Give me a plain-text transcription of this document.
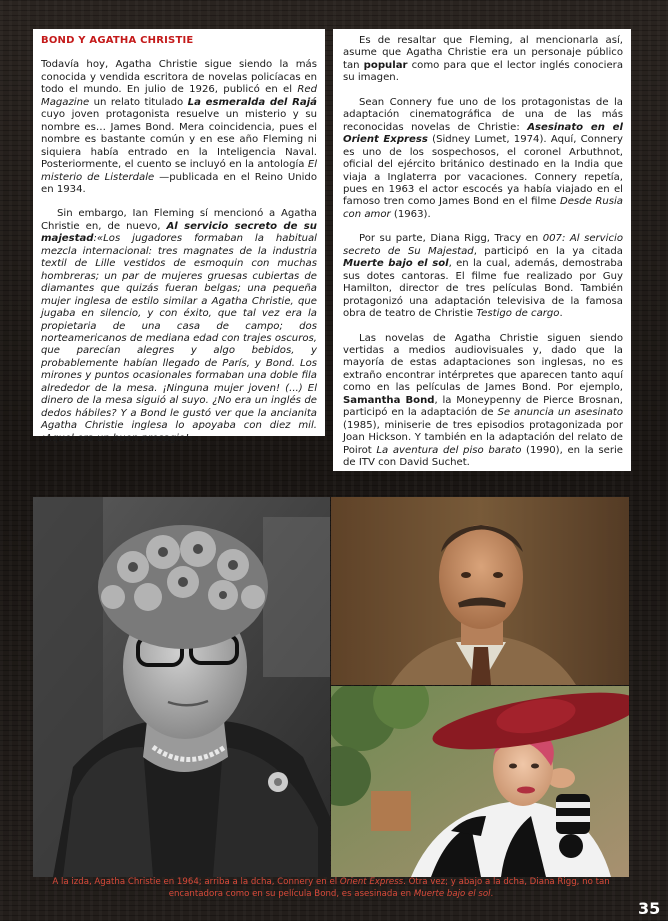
BOND Y AGATHA CHRISTIE

Todavía hoy, Agatha Christie sigue siendo la más conocida y vendida escritora de novelas policíacas en todo el mundo. En julio de 1926, publicó en el Red Magazine un relato titulado La esmeralda del Rajá cuyo joven protagonista resuelve un misterio y su nombre es… James Bond. Mera coincidencia, pues el nombre es bastante común y en ese año Fleming ni siquiera había entrado en la Inteligencia Naval. Posteriormente, el cuento se incluyó en la antología El misterio de Listerdale —publicada en el Reino Unido en 1934.

Sin embargo, Ian Fleming sí mencionó a Agatha Christie en, de nuevo, Al servicio secreto de su majestad:«Los jugadores formaban la habitual mezcla internacional: tres magnates de la industria textil de Lille vestidos de esmoquin con muchas hombreras; un par de mujeres gruesas cubiertas de diamantes que quizás fueran belgas; una pequeña mujer inglesa de estilo similar a Agatha Christie, que jugaba en silencio, y con éxito, que tal vez era la propietaria de una casa de campo; dos norteamericanos de mediana edad con trajes oscuros, que parecían alegres y algo bebidos, y probablemente habían llegado de París, y Bond. Los mirones y puntos ocasionales formaban una doble fila alrededor de la mesa. ¡Ninguna mujer joven! (...) El dinero de la mesa siguió al suyo. ¿No era un inglés de dedos hábiles? Y a Bond le gustó ver que la ancianita Agatha Christie inglesa lo apoyaba con diez mil. ¡Aquel era un buen presagio!».

Es de resaltar que Fleming, al mencionarla así, asume que Agatha Christie era un personaje público tan popular como para que el lector inglés conociera su imagen.

Sean Connery fue uno de los protagonistas de la adaptación cinematográfica de una de las más reconocidas novelas de Christie: Asesinato en el Orient Express (Sidney Lumet, 1974). Aquí, Connery es uno de los sospechosos, el coronel Arbuthnot, oficial del ejército británico destinado en la India que viaja a Inglaterra por vacaciones. Connery repetía, pues en 1963 el actor escocés ya había viajado en el famoso tren como James Bond en el filme Desde Rusia con amor (1963).

Por su parte, Diana Rigg, Tracy en 007: Al servicio secreto de Su Majestad, participó en la ya citada Muerte bajo el sol, en la cual, además, demostraba sus dotes cantoras. El filme fue realizado por Guy Hamilton, director de tres películas Bond. También protagonizó una adaptación televisiva de la famosa obra de teatro de Christie Testigo de cargo.

Las novelas de Agatha Christie siguen siendo vertidas a medios audiovisuales y, dado que la mayoría de estas adaptaciones son inglesas, no es extraño encontrar intérpretes que aparecen tanto aquí como en las películas de James Bond. Por ejemplo, Samantha Bond, la Moneypenny de Pierce Brosnan, participó en la adaptación de Se anuncia un asesinato (1985), miniserie de tres episodios protagonizada por Joan Hickson. Y también en la adaptación del relato de Poirot La aventura del piso barato (1990), en la serie de ITV con David Suchet.

A la izda, Agatha Christie en 1964; arriba a la dcha, Connery en el Orient Express. Otra vez; y abajo a la dcha, Diana Rigg, no tan encantadora como en su película Bond, es asesinada en Muerte bajo el sol.
35
